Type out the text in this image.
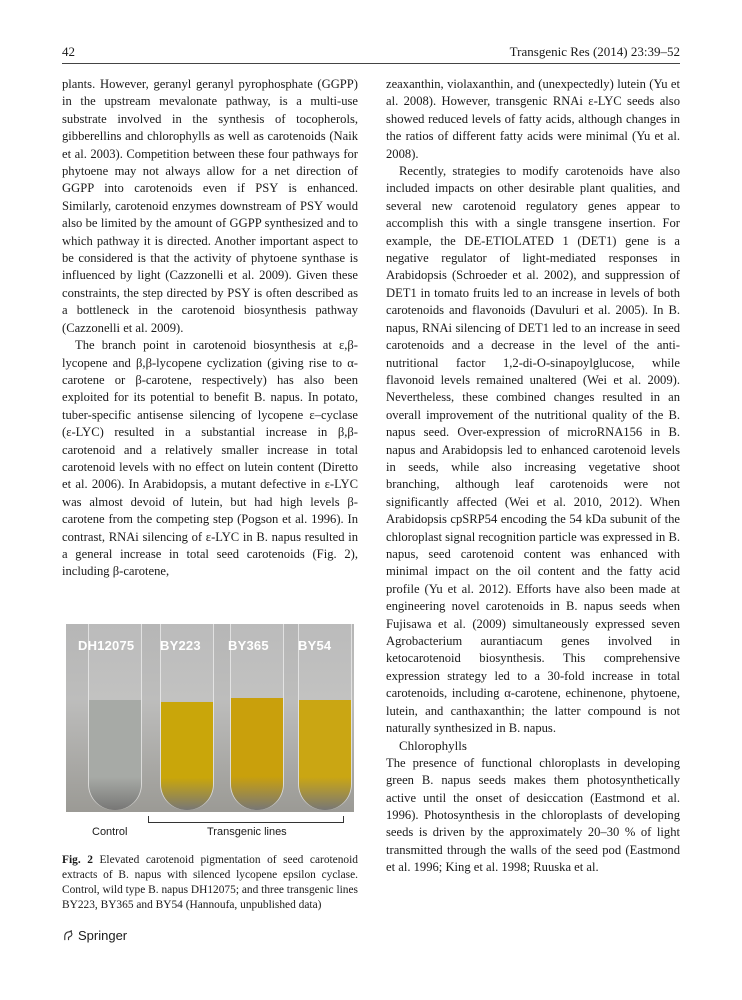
42	Transgenic Res (2014) 23:39–52

plants. However, geranyl geranyl pyrophosphate (GGPP) in the upstream mevalonate pathway, is a multi-use substrate involved in the synthesis of tocopherols, gibberellins and chlorophylls as well as carotenoids (Naik et al. 2003). Competition between these four pathways for phytoene may not always allow for a net direction of GGPP into carotenoids even if PSY is enhanced. Similarly, carotenoid enzymes downstream of PSY would also be limited by the amount of GGPP synthesized and to which pathway it is directed. Another important aspect to be considered is that the activity of phytoene synthase is influenced by light (Cazzonelli et al. 2009). Given these constraints, the step directed by PSY is often described as a bottleneck in the carotenoid biosynthesis pathway (Cazzonelli et al. 2009).

The branch point in carotenoid biosynthesis at ε,β-lycopene and β,β-lycopene cyclization (giving rise to α-carotene or β-carotene, respectively) has also been exploited for its potential to benefit B. napus. In potato, tuber-specific antisense silencing of lycopene ε–cyclase (ε-LYC) resulted in a substantial increase in β,β-carotenoid and a relatively smaller increase in total carotenoid levels with no effect on lutein content (Diretto et al. 2006). In Arabidopsis, a mutant defective in ε-LYC was almost devoid of lutein, but had high levels β-carotene from the competing step (Pogson et al. 1996). In contrast, RNAi silencing of ε-LYC in B. napus resulted in a general increase in total seed carotenoids (Fig. 2), including β-carotene,

zeaxanthin, violaxanthin, and (unexpectedly) lutein (Yu et al. 2008). However, transgenic RNAi ε-LYC seeds also showed reduced levels of fatty acids, although changes in the ratios of different fatty acids were minimal (Yu et al. 2008).

Recently, strategies to modify carotenoids have also included impacts on other desirable plant qualities, and several new carotenoid regulatory genes appear to accomplish this with a single transgene insertion. For example, the DE-ETIOLATED 1 (DET1) gene is a negative regulator of light-mediated responses in Arabidopsis (Schroeder et al. 2002), and suppression of DET1 in tomato fruits led to an increase in levels of both carotenoids and flavonoids (Davuluri et al. 2005). In B. napus, RNAi silencing of DET1 led to an increase in seed carotenoids and a decrease in the level of the anti-nutritional factor 1,2-di-O-sinapoylglucose, while flavonoid levels remained unaltered (Wei et al. 2009). Nevertheless, these combined changes resulted in an overall improvement of the nutritional quality of the B. napus seed. Over-expression of microRNA156 in B. napus and Arabidopsis led to enhanced carotenoid levels in seeds, while also increasing vegetative shoot branching, although leaf carotenoids were not significantly affected (Wei et al. 2010, 2012). When Arabidopsis cpSRP54 encoding the 54 kDa subunit of the chloroplast signal recognition particle was expressed in B. napus, seed carotenoid content was enhanced with minimal impact on the oil content and the fatty acid profile (Yu et al. 2012). Efforts have also been made at engineering novel carotenoids in B. napus seeds when Fujisawa et al. (2009) simultaneously expressed seven Agrobacterium aurantiacum genes involved in ketocarotenoid biosynthesis. This comprehensive expression strategy led to a 30-fold increase in total carotenoids, including α-carotene, echinenone, phytoene, lutein, and canthaxanthin; the latter compound is not naturally synthesized in B. napus.

Chlorophylls

The presence of functional chloroplasts in developing green B. napus seeds makes them photosynthetically active until the onset of desiccation (Eastmond et al. 1996). Photosynthesis in the chloroplasts of developing seeds is driven by the approximately 20–30 % of light transmitted through the walls of the seed pod (Eastmond et al. 1996; King et al. 1998; Ruuska et al.

DH12075 BY223 BY365 BY54
Control	Transgenic lines
Fig. 2 Elevated carotenoid pigmentation of seed carotenoid extracts of B. napus with silenced lycopene epsilon cyclase. Control, wild type B. napus DH12075; and three transgenic lines BY223, BY365 and BY54 (Hannoufa, unpublished data)
Springer
